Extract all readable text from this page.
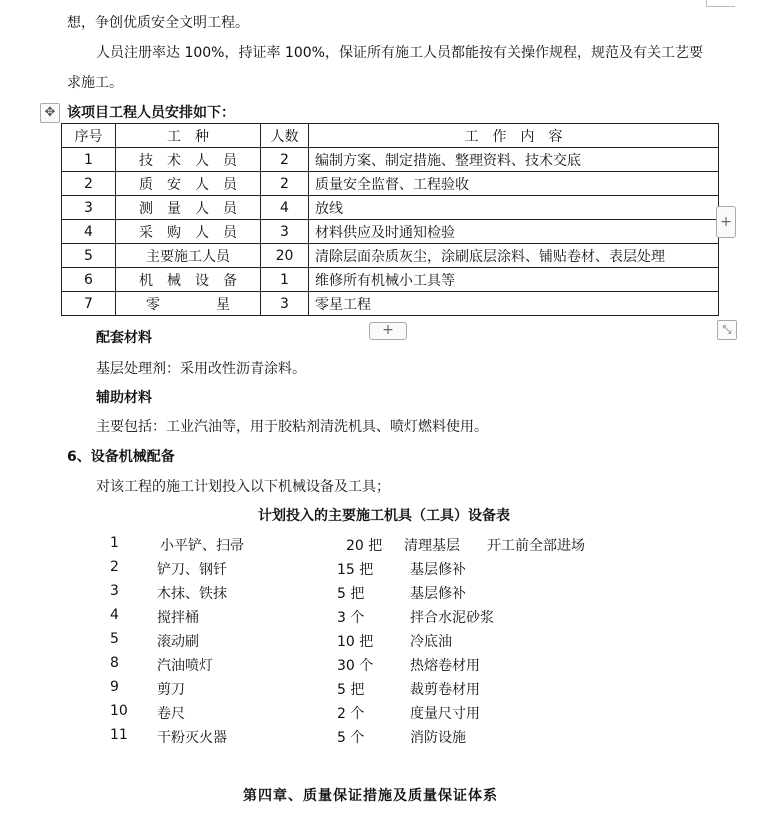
想，争创优质安全文明工程。
人员注册率达 100%，持证率 100%，保证所有施工人员都能按有关操作规程，规范及有关工艺要
求施工。
✥ 该项目工程人员安排如下：
序号	工　种	人数	工　作　内　容
1	技　术　人　员	2	编制方案、制定措施、整理资料、技术交底
2	质　安　人　员	2	质量安全监督、工程验收
3	测　量　人　员	4	放线
4	采　购　人　员	3	材料供应及时通知检验
5	主要施工人员	20	清除层面杂质灰尘，涂刷底层涂料、铺贴卷材、表层处理
6	机　械　设　备	1	维修所有机械小工具等
7	零　　　　星	3	零星工程
+
+	⤡
配套材料
基层处理剂：采用改性沥青涂料。
辅助材料
主要包括：工业汽油等，用于胶粘剂清洗机具、喷灯燃料使用。
6、设备机械配备
对该工程的施工计划投入以下机械设备及工具；
计划投入的主要施工机具（工具）设备表
1	小平铲、扫帚	20 把 清理基层 开工前全部进场
2	铲刀、钢钎	15 把	基层修补
3	木抹、铁抹	5 把	基层修补
4	搅拌桶	3 个	拌合水泥砂浆
5	滚动刷	10 把	冷底油
8	汽油喷灯	30 个	热熔卷材用
9	剪刀	5 把	裁剪卷材用
10 卷尺	2 个	度量尺寸用
11 干粉灭火器	5 个	消防设施
第四章、质量保证措施及质量保证体系
